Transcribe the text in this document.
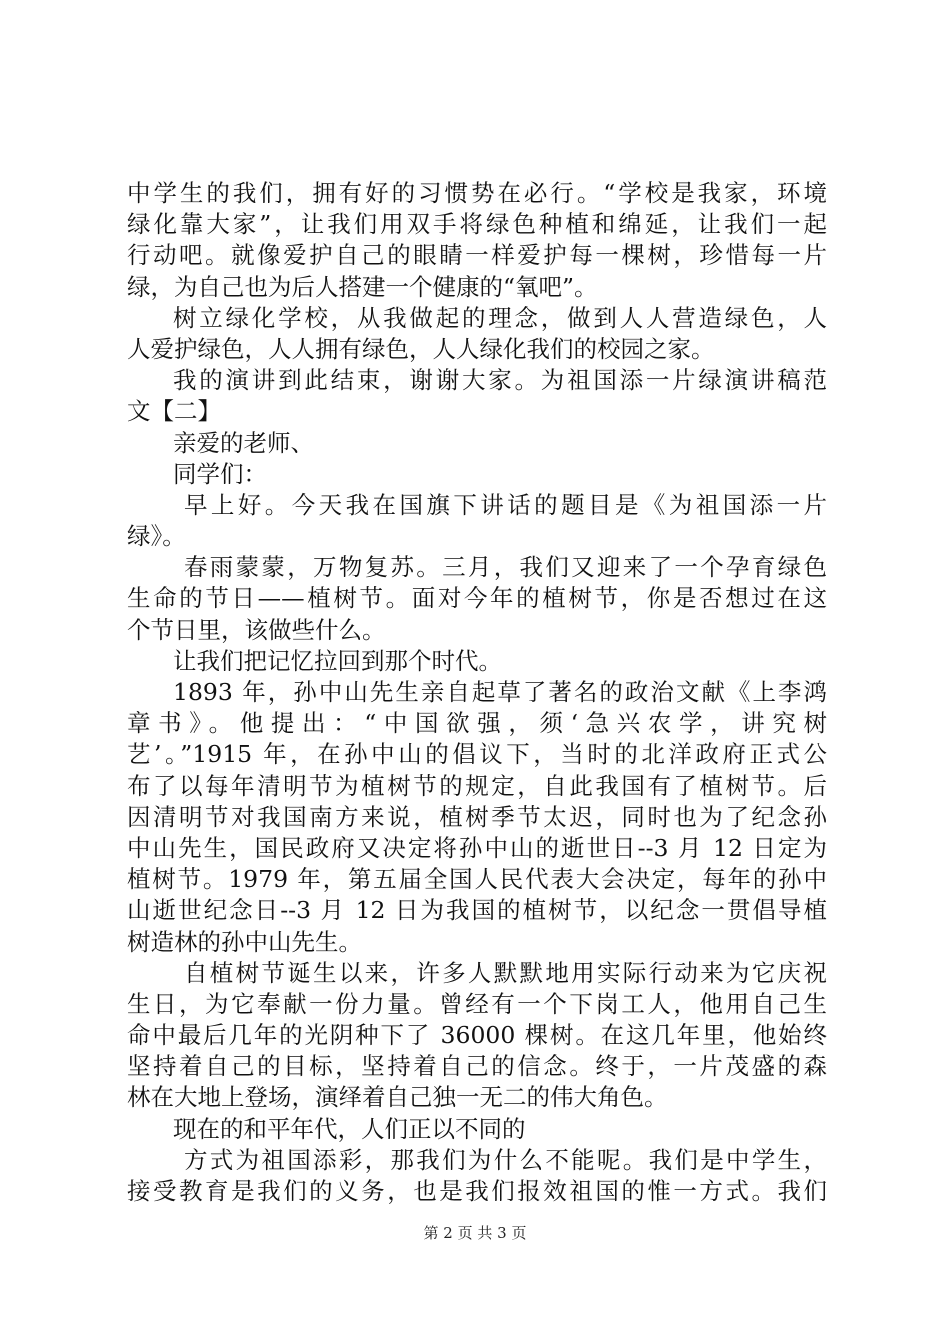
中学生的我们，拥有好的习惯势在必行。“学校是我家，环境
绿化靠大家”，让我们用双手将绿色种植和绵延，让我们一起
行动吧。就像爱护自己的眼睛一样爱护每一棵树，珍惜每一片
绿，为自己也为后人搭建一个健康的“氧吧”。
树立绿化学校，从我做起的理念，做到人人营造绿色，人
人爱护绿色，人人拥有绿色，人人绿化我们的校园之家。
我的演讲到此结束，谢谢大家。为祖国添一片绿演讲稿范
文【二】
亲爱的老师、
同学们：
早上好。今天我在国旗下讲话的题目是《为祖国添一片
绿》。
春雨蒙蒙，万物复苏。三月，我们又迎来了一个孕育绿色
生命的节日——植树节。面对今年的植树节，你是否想过在这
个节日里，该做些什么。
让我们把记忆拉回到那个时代。
1893 年，孙中山先生亲自起草了著名的政治文献《上李鸿
章书》。他提出：“中国欲强，须‘急兴农学，讲究树
艺’。”1915 年，在孙中山的倡议下，当时的北洋政府正式公
布了以每年清明节为植树节的规定，自此我国有了植树节。后
因清明节对我国南方来说，植树季节太迟，同时也为了纪念孙
中山先生，国民政府又决定将孙中山的逝世日--3 月 12 日定为
植树节。1979 年，第五届全国人民代表大会决定，每年的孙中
山逝世纪念日--3 月 12 日为我国的植树节，以纪念一贯倡导植
树造林的孙中山先生。
自植树节诞生以来，许多人默默地用实际行动来为它庆祝
生日，为它奉献一份力量。曾经有一个下岗工人，他用自己生
命中最后几年的光阴种下了 36000 棵树。在这几年里，他始终
坚持着自己的目标，坚持着自己的信念。终于，一片茂盛的森
林在大地上登场，演绎着自己独一无二的伟大角色。
现在的和平年代，人们正以不同的
方式为祖国添彩，那我们为什么不能呢。我们是中学生，
接受教育是我们的义务，也是我们报效祖国的惟一方式。我们
第 2 页 共 3 页
